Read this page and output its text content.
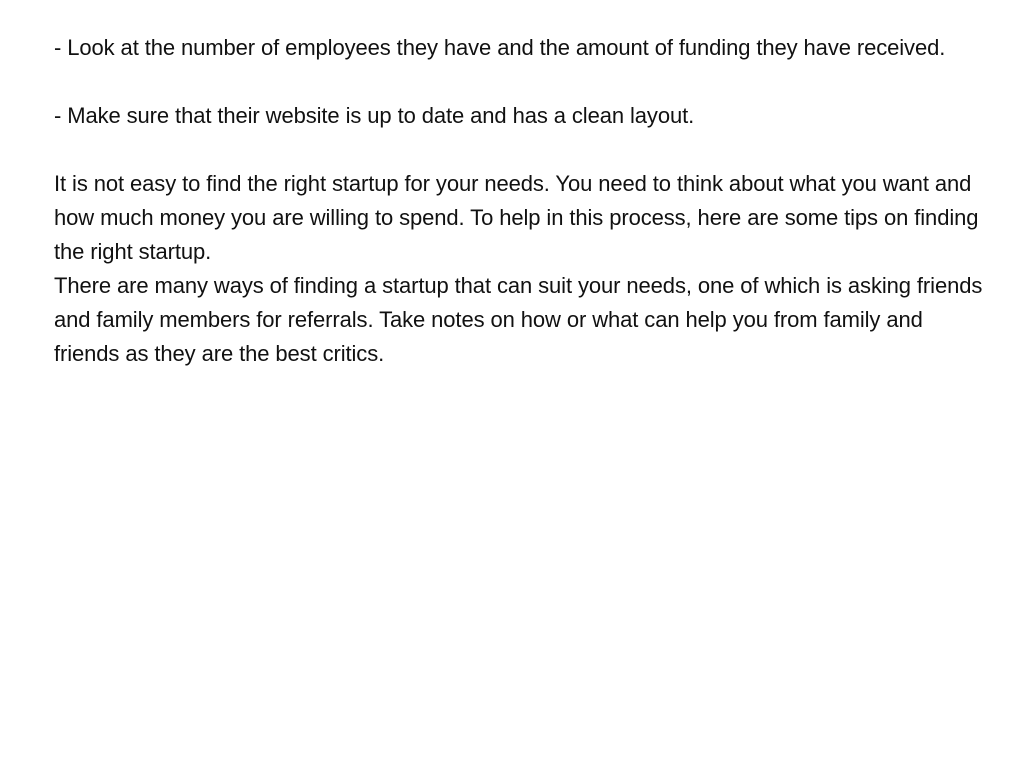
- Look at the number of employees they have and the amount of funding they have received.

- Make sure that their website is up to date and has a clean layout.

It is not easy to find the right startup for your needs. You need to think about what you want and how much money you are willing to spend. To help in this process, here are some tips on finding the right startup.

There are many ways of finding a startup that can suit your needs, one of which is asking friends and family members for referrals. Take notes on how or what can help you from family and friends as they are the best critics.
